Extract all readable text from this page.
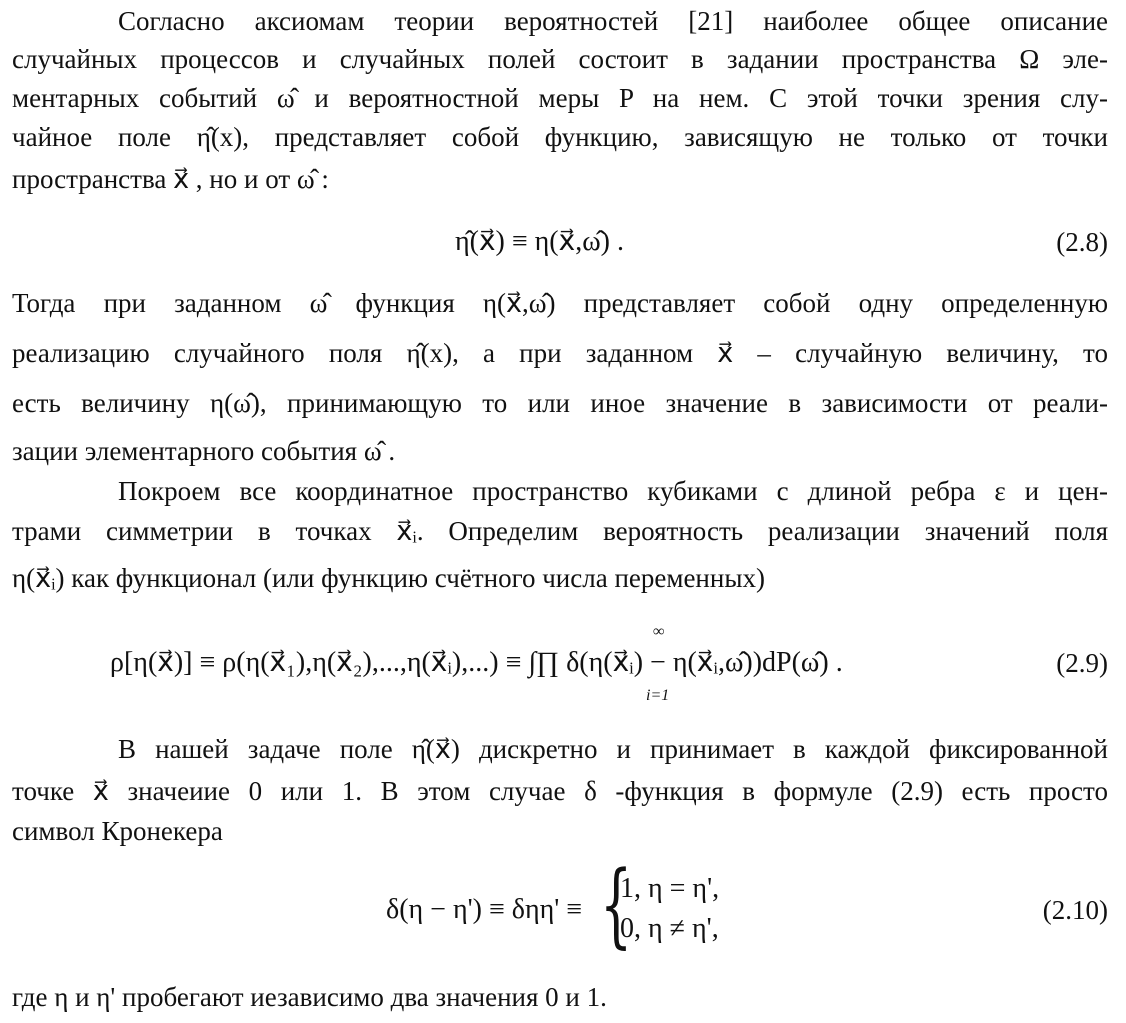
Согласно аксиомам теории вероятностей [21] наиболее общее описание
случайных процессов и случайных полей состоит в задании пространства Ω эле-
ментарных событий ω̂ и вероятностной меры P на нем. С этой точки зрения слу-
чайное поле η̂(x), представляет собой функцию, зависящую не только от точки
пространства x⃗ , но и от ω̂ :
η̂(x⃗) ≡ η(x⃗,ω̂) .	(2.8)
Тогда при заданном ω̂ функция η(x⃗,ω̂) представляет собой одну определенную
реализацию случайного поля η̂(x), а при заданном x⃗ – случайную величину, то
есть величину η(ω̂), принимающую то или иное значение в зависимости от реали-
зации элементарного события ω̂ .
Покроем все координатное пространство кубиками с длиной ребра ε и цен-
трами симметрии в точках x⃗ᵢ. Определим вероятность реализации значений поля
η(x⃗ᵢ) как функционал (или функцию счётного числа переменных)
ρ[η(x⃗)] ≡ ρ(η(x⃗₁),η(x⃗₂),...,η(x⃗ᵢ),...) ≡ ∫∏ δ(η(x⃗ᵢ) − η(x⃗ᵢ,ω̂))dP(ω̂) .
∞
i=1
(2.9)
В нашей задаче поле η̂(x⃗) дискретно и принимает в каждой фиксированной
точке x⃗ значеиие 0 или 1. В этом случае δ -функция в формуле (2.9) есть просто
символ Кронекера
δ(η − η') ≡ δηη' ≡ {
1, η = η',
0, η ≠ η',
(2.10)
где η и η' пробегают иезависимо два значения 0 и 1.
